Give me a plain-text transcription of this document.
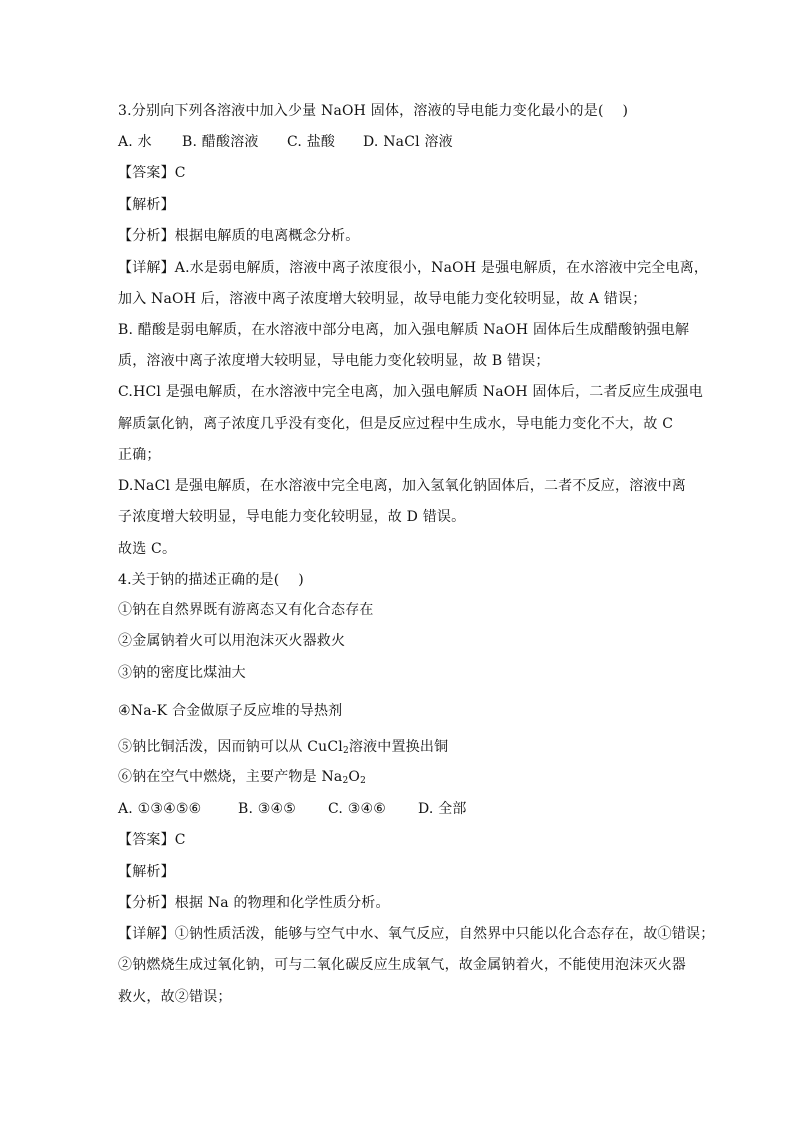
3.分别向下列各溶液中加入少量 NaOH 固体，溶液的导电能力变化最小的是(　 )
A. 水	B. 醋酸溶液	C. 盐酸	D. NaCl 溶液
【答案】C
【解析】
【分析】根据电解质的电离概念分析。
【详解】A.水是弱电解质，溶液中离子浓度很小，NaOH 是强电解质，在水溶液中完全电离，
加入 NaOH 后，溶液中离子浓度增大较明显，故导电能力变化较明显，故 A 错误；
B. 醋酸是弱电解质，在水溶液中部分电离，加入强电解质 NaOH 固体后生成醋酸钠强电解
质，溶液中离子浓度增大较明显，导电能力变化较明显，故 B 错误；
C.HCl 是强电解质，在水溶液中完全电离，加入强电解质 NaOH 固体后，二者反应生成强电
解质氯化钠，离子浓度几乎没有变化，但是反应过程中生成水，导电能力变化不大，故 C
正确；
D.NaCl 是强电解质，在水溶液中完全电离，加入氢氧化钠固体后，二者不反应，溶液中离
子浓度增大较明显，导电能力变化较明显，故 D 错误。
故选 C。
4.关于钠的描述正确的是(　 )
①钠在自然界既有游离态又有化合态存在
②金属钠着火可以用泡沫灭火器救火
③钠的密度比煤油大
④Na-K 合金做原子反应堆的导热剂
⑤钠比铜活泼，因而钠可以从 CuCl$_2$溶液中置换出铜
⑥钠在空气中燃烧，主要产物是 $Na_2O_2$
A. ①③④⑤⑥	B. ③④⑤	C. ③④⑥	D. 全部
【答案】C
【解析】
【分析】根据 Na 的物理和化学性质分析。
【详解】①钠性质活泼，能够与空气中水、氧气反应，自然界中只能以化合态存在，故①错误；
②钠燃烧生成过氧化钠，可与二氧化碳反应生成氧气，故金属钠着火，不能使用泡沫灭火器
救火，故②错误；
